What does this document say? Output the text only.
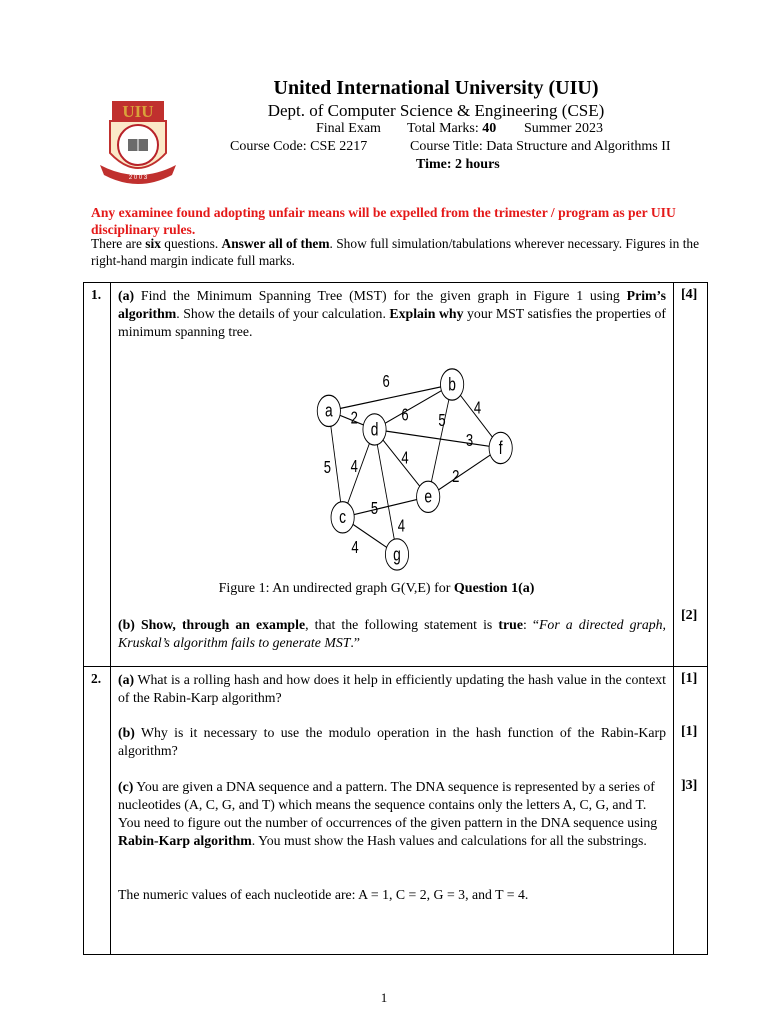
UIU
2 0 0 3
United International University (UIU)
Dept. of Computer Science & Engineering (CSE)
Final Exam Total Marks: 40 Summer 2023
Course Code: CSE 2217	Course Title: Data Structure and Algorithms II
Time: 2 hours
Any examinee found adopting unfair means will be expelled from the trimester / program as per UIU disciplinary rules.
There are six questions. Answer all of them. Show full simulation/tabulations wherever necessary. Figures in the right-hand margin indicate full marks.
1. (a) Find the Minimum Spanning Tree (MST) for the given graph in Figure 1 using Prim’s algorithm. Show the details of your calculation. Explain why your MST satisfies the properties of minimum spanning tree.
[4]
6
2
5
6 5
4
3
4
4
2
5
4
4
a
b
d
f
e
c
g
Figure 1: An undirected graph G(V,E) for Question 1(a)
(b) Show, through an example, that the following statement is true: “For a directed graph, Kruskal’s algorithm fails to generate MST.”
[2]
2. (a) What is a rolling hash and how does it help in efficiently updating the hash value in the context of the Rabin-Karp algorithm?
[1]
(b) Why is it necessary to use the modulo operation in the hash function of the Rabin-Karp algorithm?
[1]
(c) You are given a DNA sequence and a pattern. The DNA sequence is represented by a series of nucleotides (A, C, G, and T) which means the sequence contains only the letters A, C, G, and T. You need to figure out the number of occurrences of the given pattern in the DNA sequence using Rabin-Karp algorithm. You must show the Hash values and calculations for all the substrings.
]3]
The numeric values of each nucleotide are: A = 1, C = 2, G = 3, and T = 4.
1
